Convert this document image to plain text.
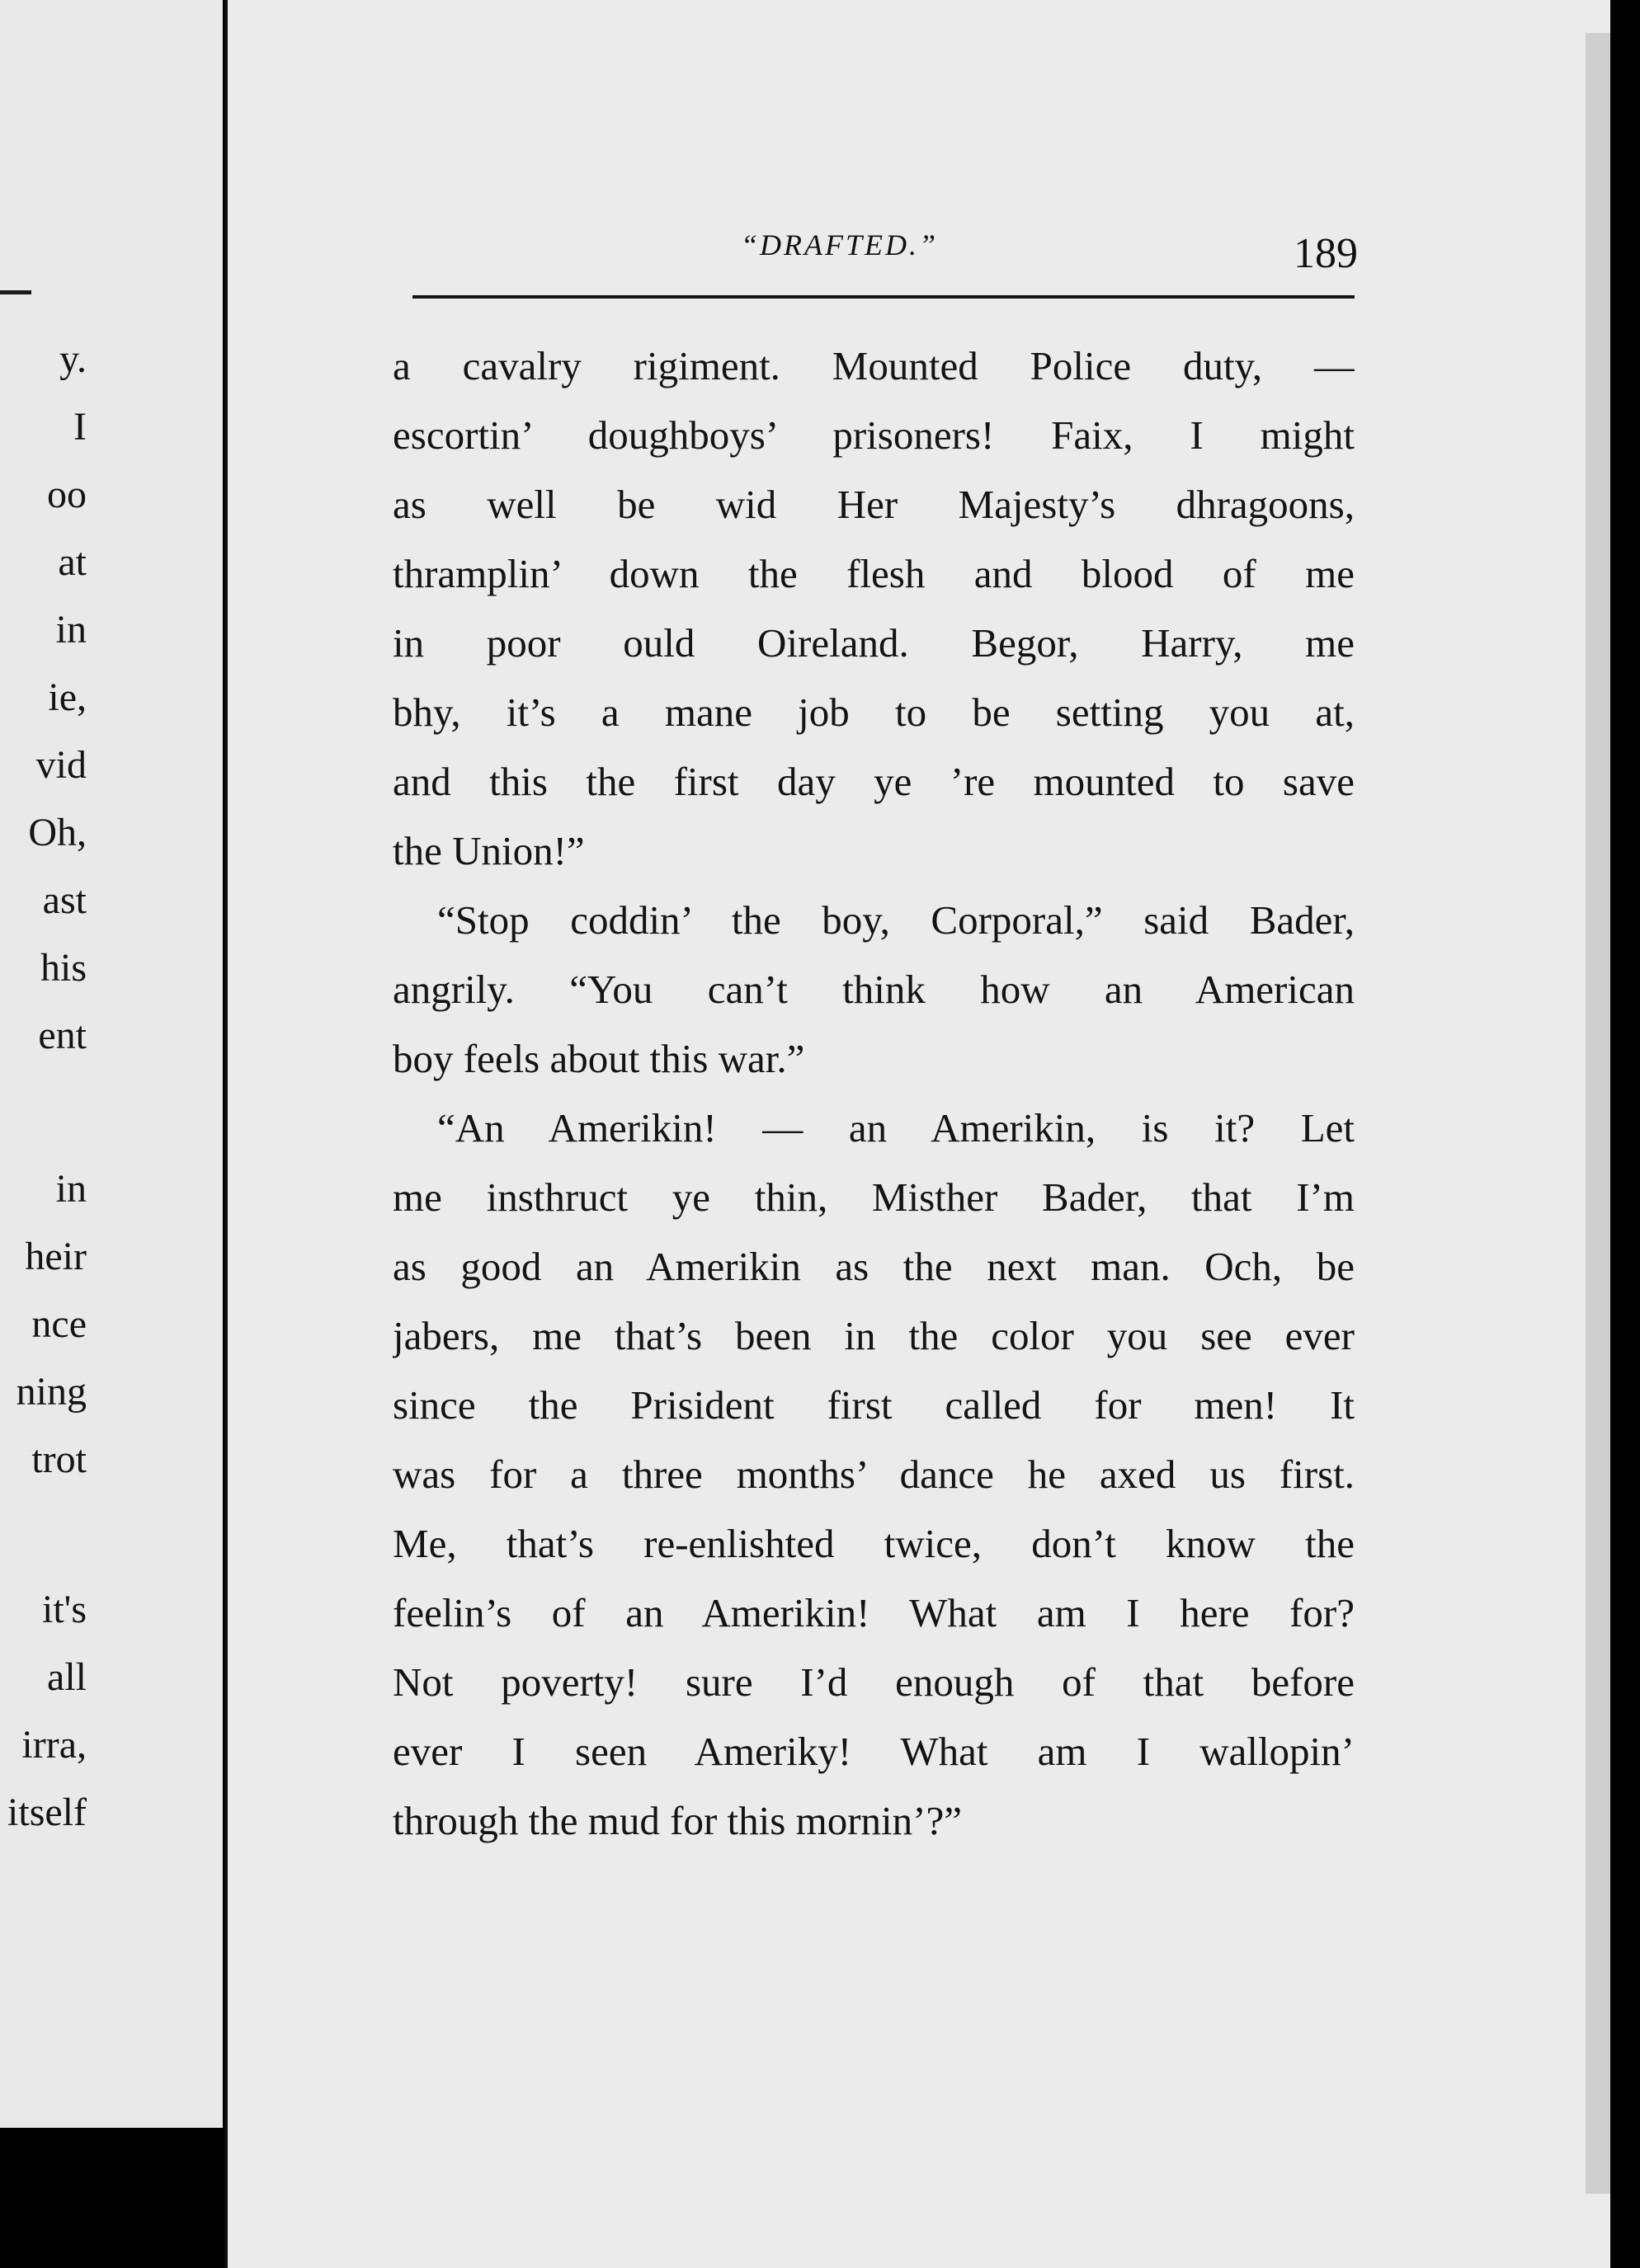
y.
I
oo
at
in
ie,
vid
Oh,
ast
his
ent
in
heir
nce
ning
trot
it's
all
irra,
itself
“DRAFTED.”	189
a cavalry rigiment. Mounted Police duty, —
escortin’ doughboys’ prisoners! Faix, I might
as well be wid Her Majesty’s dhragoons,
thramplin’ down the flesh and blood of me
in poor ould Oireland. Begor, Harry, me
bhy, it’s a mane job to be setting you at,
and this the first day ye ’re mounted to save
the Union!”
“Stop coddin’ the boy, Corporal,” said Bader,
angrily. “You can’t think how an American
boy feels about this war.”
“An Amerikin! — an Amerikin, is it? Let
me insthruct ye thin, Misther Bader, that I’m
as good an Amerikin as the next man. Och, be
jabers, me that’s been in the color you see ever
since the Prisident first called for men! It
was for a three months’ dance he axed us first.
Me, that’s re-enlishted twice, don’t know the
feelin’s of an Amerikin! What am I here for?
Not poverty! sure I’d enough of that before
ever I seen Ameriky! What am I wallopin’
through the mud for this mornin’?”
